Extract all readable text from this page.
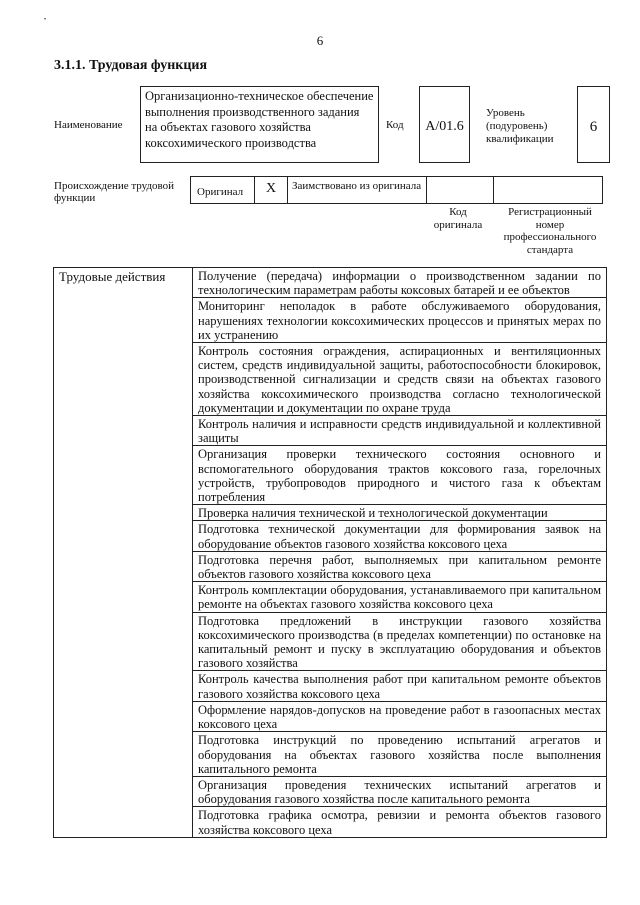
•
6
3.1.1. Трудовая функция
Наименование
Организационно-техническое обеспечение выполнения производственного задания на объектах газового хозяйства коксохимического производства
Код	А/01.6
Уровень (подуровень) квалификации
6
Происхождение трудовой функции	Оригинал	X	Заимствовано из оригинала
Код оригинала
Регистрационный номер профессионального стандарта
Трудовые действия	Получение (передача) информации о производственном задании по технологическим параметрам работы коксовых батарей и ее объектов
Мониторинг неполадок в работе обслуживаемого оборудования, нарушениях технологии коксохимических процессов и принятых мерах по их устранению
Контроль состояния ограждения, аспирационных и вентиляционных систем, средств индивидуальной защиты, работоспособности блокировок, производственной сигнализации и средств связи на объектах газового хозяйства коксохимического производства согласно технологической документации и документации по охране труда
Контроль наличия и исправности средств индивидуальной и коллективной защиты
Организация проверки технического состояния основного и вспомогательного оборудования трактов коксового газа, горелочных устройств, трубопроводов природного и чистого газа к объектам потребления
Проверка наличия технической и технологической документации
Подготовка технической документации для формирования заявок на оборудование объектов газового хозяйства коксового цеха
Подготовка перечня работ, выполняемых при капитальном ремонте объектов газового хозяйства коксового цеха
Контроль комплектации оборудования, устанавливаемого при капитальном ремонте на объектах газового хозяйства коксового цеха
Подготовка предложений в инструкции газового хозяйства коксохимического производства (в пределах компетенции) по остановке на капитальный ремонт и пуску в эксплуатацию оборудования и объектов газового хозяйства
Контроль качества выполнения работ при капитальном ремонте объектов газового хозяйства коксового цеха
Оформление нарядов-допусков на проведение работ в газоопасных местах коксового цеха
Подготовка инструкций по проведению испытаний агрегатов и оборудования на объектах газового хозяйства после выполнения капитального ремонта
Организация проведения технических испытаний агрегатов и оборудования газового хозяйства после капитального ремонта
Подготовка графика осмотра, ревизии и ремонта объектов газового хозяйства коксового цеха
